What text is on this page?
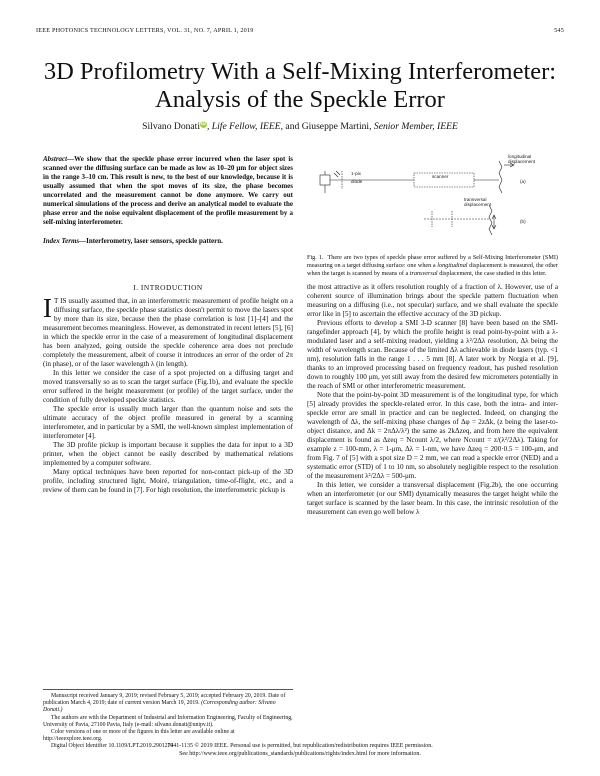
IEEE PHOTONICS TECHNOLOGY LETTERS, VOL. 31, NO. 7, APRIL 1, 2019	545
3D Profilometry With a Self-Mixing Interferometer: Analysis of the Speckle Error
Silvano DonatiiD, Life Fellow, IEEE, and Giuseppe Martini, Senior Member, IEEE
Abstract—We show that the speckle phase error incurred when the laser spot is scanned over the diffusing surface can be made as low as 10–20 μm for object sizes in the range 3–10 cm. This result is new, to the best of our knowledge, because it is usually assumed that when the spot moves of its size, the phase becomes uncorrelated and the measurement cannot be done anymore. We carry out numerical simulations of the process and derive an analytical model to evaluate the phase error and the noise equivalent displacement of the profile measurement by a self-mixing interferometer.
Index Terms—Interferometry, laser sensors, speckle pattern.
I. INTRODUCTION

I T IS usually assumed that, in an interferometric measurement of profile height on a diffusing surface, the speckle phase statistics doesn't permit to move the lasers spot by more than its size, because then the phase correlation is lost [1]–[4] and the measurement becomes meaningless. However, as demonstrated in recent letters [5], [6] in which the speckle error in the case of a measurement of longitudinal displacement has been analyzed, going outside the speckle coherence area does not preclude completely the measurement, albeit of course it introduces an error of the order of 2π (in phase), or of the laser wavelength λ (in length).

In this letter we consider the case of a spot projected on a diffusing target and moved transversally so as to scan the target surface (Fig.1b), and evaluate the speckle error suffered in the height measurement (or profile) of the target surface, under the condition of fully developed speckle statistics.

The speckle error is usually much larger than the quantum noise and sets the ultimate accuracy of the object profile measured in general by a scanning interferometer, and in particular by a SMI, the well-known simplest implementation of interferometer [4].

The 3D profile pickup is important because it supplies the data for input to a 3D printer, when the object cannot be easily described by mathematical relations implemented by a computer software.

Many optical techniques have been reported for non-contact pick-up of the 3D profile, including structured light, Moiré, triangulation, time-of-flight, etc., and a review of them can be found in [7]. For high resolution, the interferometric pickup is

Manuscript received January 9, 2019; revised February 5, 2019; accepted February 20, 2019. Date of publication March 4, 2019; date of current version March 19, 2019. (Corresponding author: Silvano Donati.)

The authors are with the Department of Industrial and Information Engineering, Faculty of Engineering, University of Pavia, 27100 Pavia, Italy (e-mail: silvano.donati@unipv.it).

Color versions of one or more of the figures in this letter are available online at http://ieeexplore.ieee.org.

Digital Object Identifier 10.1109/LPT.2019.2901274

1-pix
diode
scanner
longitudinal
displacement
transversal
displacement
(a)
(b)
Fig. 1. There are two types of speckle phase error suffered by a Self-Mixing Interferometer (SMI) measuring on a target diffusing surface: one when a longitudinal displacement is measured, the other when the target is scanned by means of a transversal displacement, the case studied in this letter.

the most attractive as it offers resolution roughly of a fraction of λ. However, use of a coherent source of illumination brings about the speckle pattern fluctuation when measuring on a diffusing (i.e., not specular) surface, and we shall evaluate the speckle error like in [5] to ascertain the effective accuracy of the 3D pickup.

Previous efforts to develop a SMI 3-D scanner [8] have been based on the SMI-rangefinder approach [4], by which the profile height is read point-by-point with a λ-modulated laser and a self-mixing readout, yielding a λ²/2Δλ resolution, Δλ being the width of wavelength scan. Because of the limited Δλ achievable in diode lasers (typ. <1 nm), resolution falls in the range 1 . . . 5 mm [8]. A later work by Norgia et al. [9], thanks to an improved processing based on frequency readout, has pushed resolution down to roughly 100 μm, yet still away from the desired few micrometers potentially in the reach of SMI or other interferometric measurement.

Note that the point-by-point 3D measurement is of the longitudinal type, for which [5] already provides the speckle-related error. In this case, both the intra- and inter-speckle error are small in practice and can be neglected. Indeed, on changing the wavelength of Δλ, the self-mixing phase changes of Δφ = 2zΔk, (z being the laser-to-object distance, and Δk = 2πΔλ/λ²) the same as 2kΔzeq, and from here the equivalent displacement is found as Δzeq = Ncount λ/2, where Ncount = z/(λ²/2Δλ). Taking for example z = 100-mm, λ = 1-μm, Δλ = 1-nm, we have Δzeq = 200·0.5 = 100-μm, and from Fig. 7 of [5] with a spot size D = 2 mm, we can read a speckle error (NED) and a systematic error (STD) of 1 to 10 nm, so absolutely negligible respect to the resolution of the measurement λ²/2Δλ = 500-μm.

In this letter, we consider a transversal displacement (Fig.2b), the one occurring when an interferometer (or our SMI) dynamically measures the target height while the target surface is scanned by the laser beam. In this case, the intrinsic resolution of the measurement can even go well below λ

1041-1135 © 2019 IEEE. Personal use is permitted, but republication/redistribution requires IEEE permission.
See http://www.ieee.org/publications_standards/publications/rights/index.html for more information.
